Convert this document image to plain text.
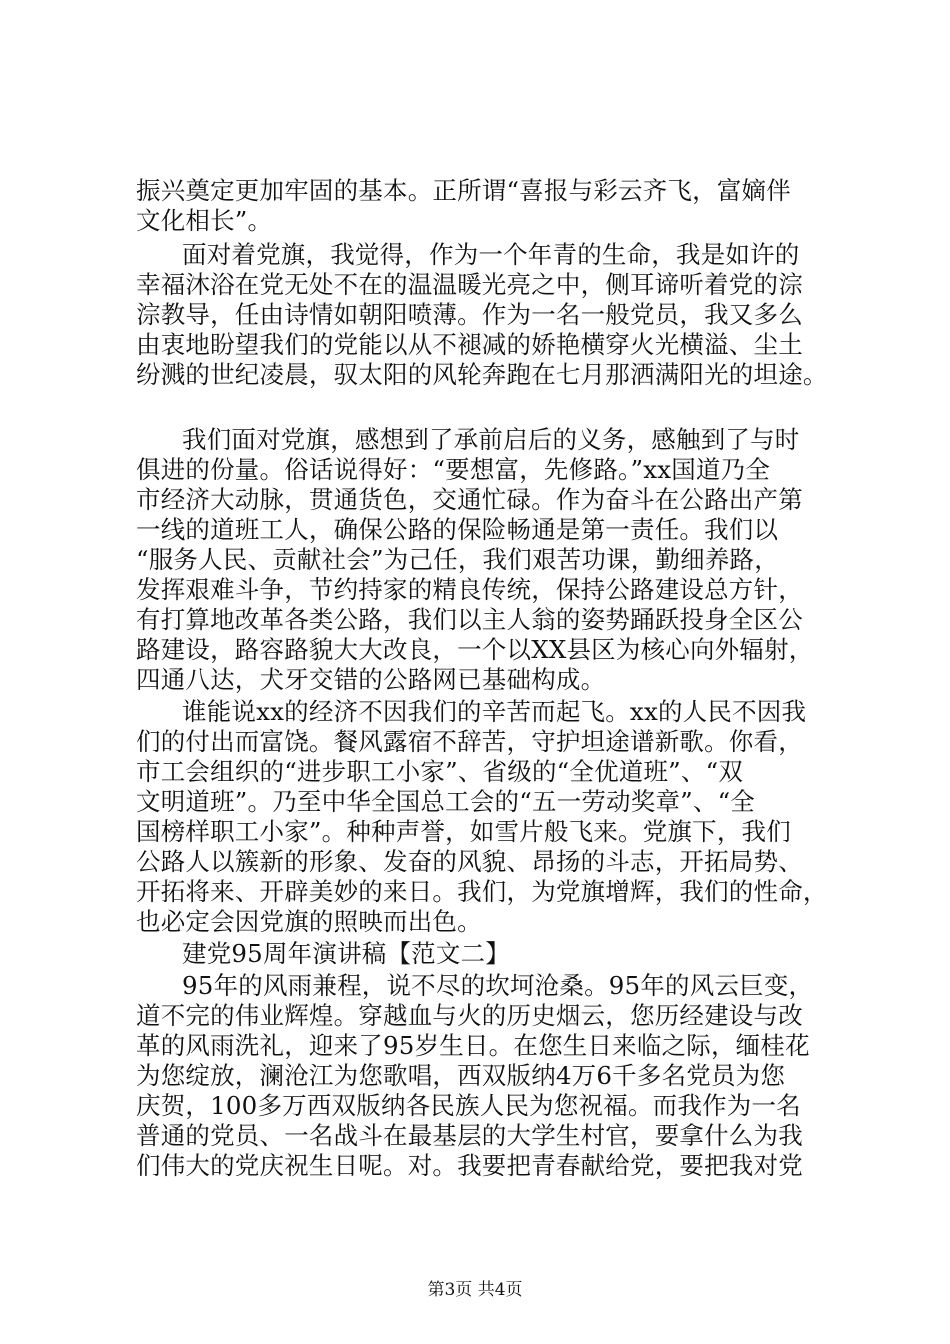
振兴奠定更加牢固的基本。正所谓“喜报与彩云齐飞，富嫡伴
文化相长”。
面对着党旗，我觉得，作为一个年青的生命，我是如许的
幸福沐浴在党无处不在的温温暖光亮之中，侧耳谛听着党的淙
淙教导，任由诗情如朝阳喷薄。作为一名一般党员，我又多么
由衷地盼望我们的党能以从不褪减的娇艳横穿火光横溢、尘土
纷溅的世纪凌晨，驭太阳的风轮奔跑在七月那洒满阳光的坦途。
我们面对党旗，感想到了承前启后的义务，感触到了与时
俱进的份量。俗话说得好：“要想富，先修路。”xx国道乃全
市经济大动脉，贯通货色，交通忙碌。作为奋斗在公路出产第
一线的道班工人，确保公路的保险畅通是第一责任。我们以
“服务人民、贡献社会”为己任，我们艰苦功课，勤细养路，
发挥艰难斗争，节约持家的精良传统，保持公路建设总方针，
有打算地改革各类公路，我们以主人翁的姿势踊跃投身全区公
路建设，路容路貌大大改良，一个以XX县区为核心向外辐射，
四通八达，犬牙交错的公路网已基础构成。
谁能说xx的经济不因我们的辛苦而起飞。xx的人民不因我
们的付出而富饶。餐风露宿不辞苦，守护坦途谱新歌。你看，
市工会组织的“进步职工小家”、省级的“全优道班”、“双
文明道班”。乃至中华全国总工会的“五一劳动奖章”、“全
国榜样职工小家”。种种声誉，如雪片般飞来。党旗下，我们
公路人以簇新的形象、发奋的风貌、昂扬的斗志，开拓局势、
开拓将来、开辟美妙的来日。我们，为党旗增辉，我们的性命，
也必定会因党旗的照映而出色。
建党95周年演讲稿【范文二】
95年的风雨兼程，说不尽的坎坷沧桑。95年的风云巨变，
道不完的伟业辉煌。穿越血与火的历史烟云，您历经建设与改
革的风雨洗礼，迎来了95岁生日。在您生日来临之际，缅桂花
为您绽放，澜沧江为您歌唱，西双版纳4万6千多名党员为您
庆贺，100多万西双版纳各民族人民为您祝福。而我作为一名
普通的党员、一名战斗在最基层的大学生村官，要拿什么为我
们伟大的党庆祝生日呢。对。我要把青春献给党，要把我对党
第3页 共4页
